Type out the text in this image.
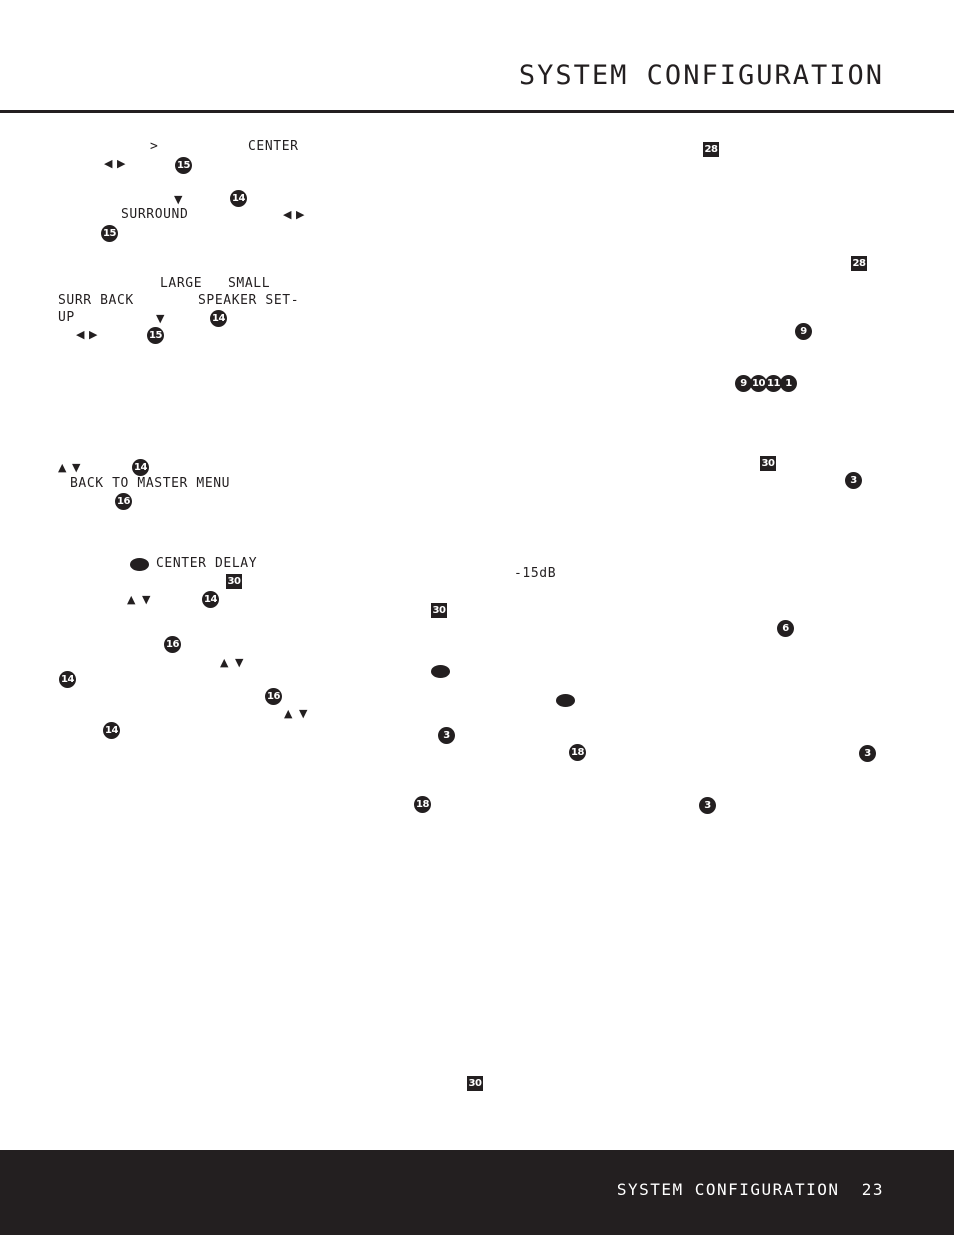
SYSTEM CONFIGURATION
>	CENTER
◀ ▶	15
▼	14
SURROUND	◀ ▶
15
LARGE SMALL
SURR BACK	SPEAKER SET-
UP	▼	14
◀ ▶	15
▲ ▼	14
BACK TO MASTER MENU
16
CENTER DELAY
30
▲ ▼	14
16
▲ ▼
14
16
▲ ▼
14
28
28
9
9 10 11 1
30
3
-15dB
30
6
3
18	3
18	3
30
SYSTEM CONFIGURATION 23
